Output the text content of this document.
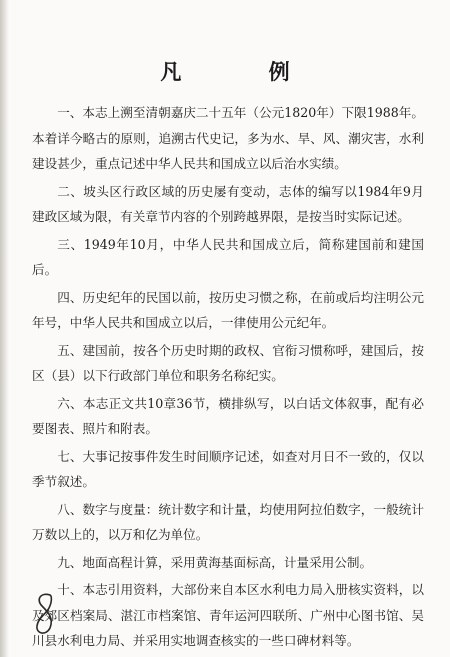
凡 例

一、本志上溯至清朝嘉庆二十五年（公元1820年）下限1988年。本着详今略古的原则，追溯古代史记，多为水、旱、风、潮灾害，水利建设甚少，重点记述中华人民共和国成立以后治水实绩。

二、坡头区行政区域的历史屡有变动，志体的编写以1984年9月建政区域为限，有关章节内容的个别跨越界限，是按当时实际记述。

三、1949年10月，中华人民共和国成立后，简称建国前和建国后。

四、历史纪年的民国以前，按历史习惯之称，在前或后均注明公元年号，中华人民共和国成立以后，一律使用公元纪年。

五、建国前，按各个历史时期的政权、官衔习惯称呼，建国后，按区（县）以下行政部门单位和职务名称纪实。

六、本志正文共10章36节，横排纵写，以白话文体叙事，配有必要图表、照片和附表。

七、大事记按事件发生时间顺序记述，如查对月日不一致的，仅以季节叙述。

八、数字与度量：统计数字和计量，均使用阿拉伯数字，一般统计万数以上的，以万和亿为单位。

九、地面高程计算，采用黄海基面标高，计量采用公制。

十、本志引用资料，大部份来自本区水利电力局入册核实资料，以及郊区档案局、湛江市档案馆、青年运河四联所、广州中心图书馆、吴川县水利电力局、并采用实地调查核实的一些口碑材料等。
